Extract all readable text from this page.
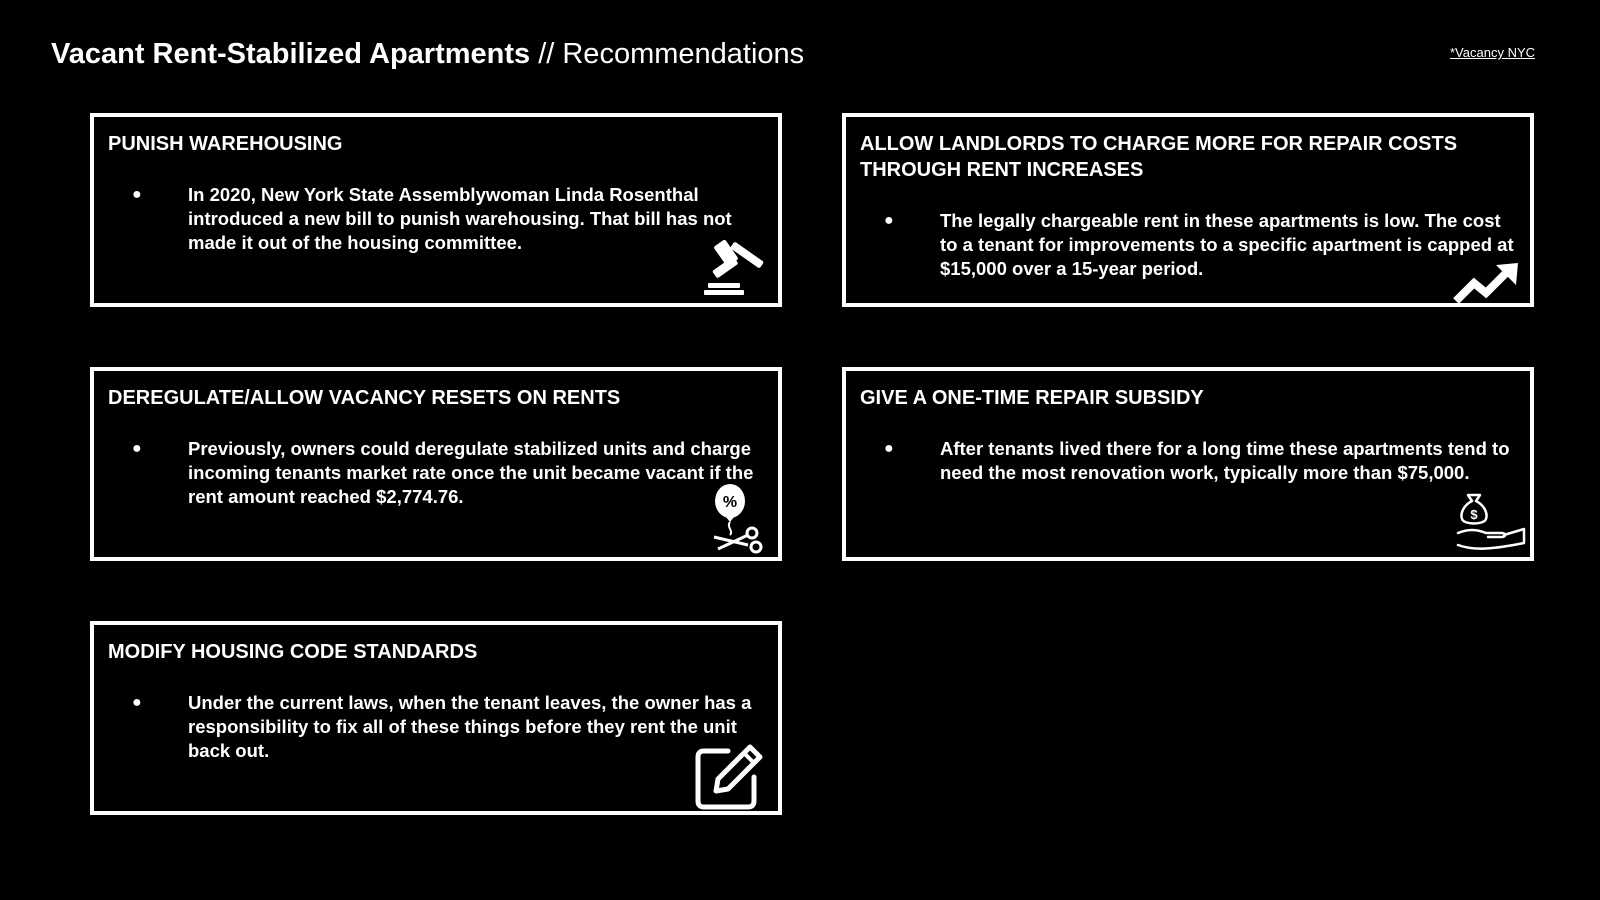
Vacant Rent-Stabilized Apartments // Recommendations	*Vacancy NYC
PUNISH WAREHOUSING
●	In 2020, New York State Assemblywoman Linda Rosenthal introduced a new bill to punish warehousing. That bill has not made it out of the housing committee.
ALLOW LANDLORDS TO CHARGE MORE FOR REPAIR COSTS THROUGH RENT INCREASES
●	The legally chargeable rent in these apartments is low. The cost to a tenant for improvements to a specific apartment is capped at $15,000 over a 15-year period.
DEREGULATE/ALLOW VACANCY RESETS ON RENTS
●	Previously, owners could deregulate stabilized units and charge incoming tenants market rate once the unit became vacant if the rent amount reached $2,774.76.	%
GIVE A ONE-TIME REPAIR SUBSIDY
●	After tenants lived there for a long time these apartments tend to need the most renovation work, typically more than $75,000.
$
MODIFY HOUSING CODE STANDARDS
●	Under the current laws, when the tenant leaves, the owner has a responsibility to fix all of these things before they rent the unit back out.
